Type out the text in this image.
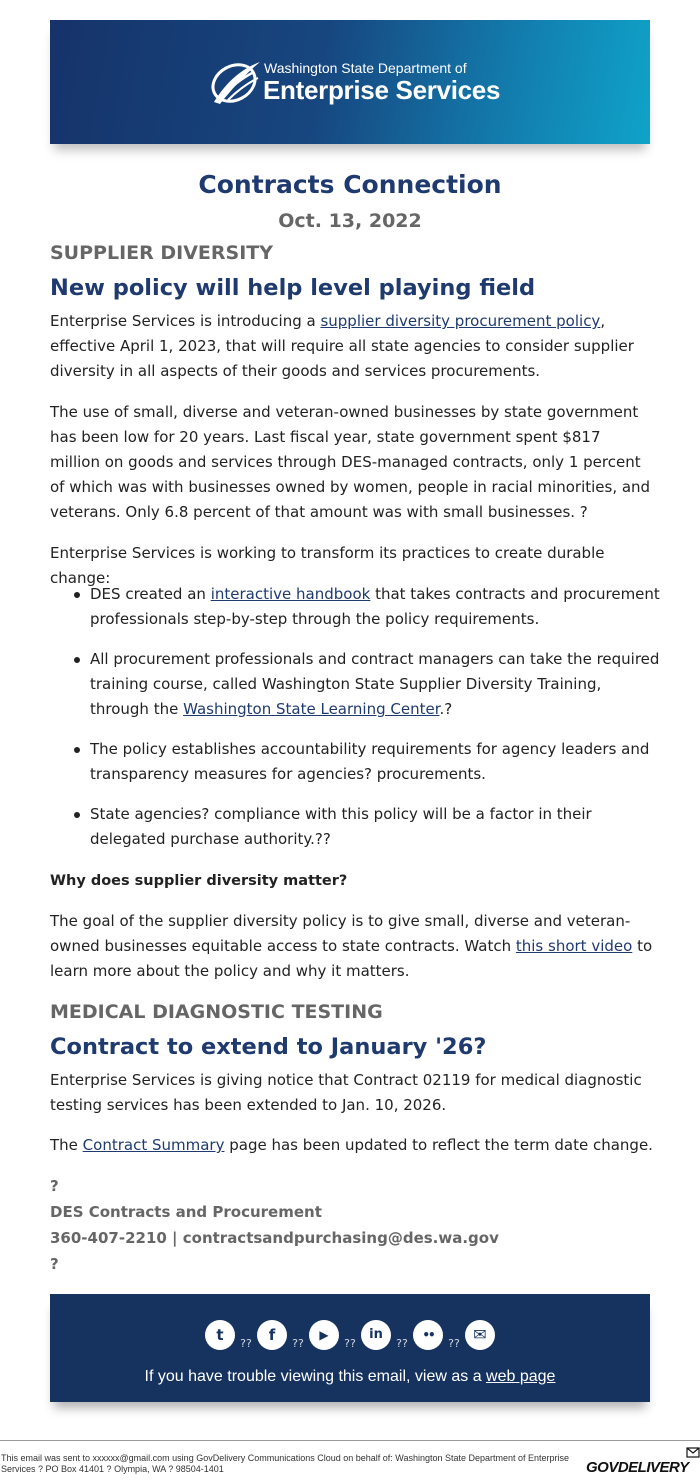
Washington State Department of
Enterprise Services
Contracts Connection
Oct. 13, 2022
SUPPLIER DIVERSITY
New policy will help level playing field

Enterprise Services is introducing a supplier diversity procurement policy, effective April 1, 2023, that will require all state agencies to consider supplier diversity in all aspects of their goods and services procurements.

The use of small, diverse and veteran-owned businesses by state government has been low for 20 years. Last fiscal year, state government spent $817 million on goods and services through DES-managed contracts, only 1 percent of which was with businesses owned by women, people in racial minorities, and veterans. Only 6.8 percent of that amount was with small businesses. ?

Enterprise Services is working to transform its practices to create durable change:

DES created an interactive handbook that takes contracts and procurement professionals step-by-step through the policy requirements.
All procurement professionals and contract managers can take the required training course, called Washington State Supplier Diversity Training, through the Washington State Learning Center.?
The policy establishes accountability requirements for agency leaders and transparency measures for agencies? procurements.
State agencies? compliance with this policy will be a factor in their delegated purchase authority.??
Why does supplier diversity matter?

The goal of the supplier diversity policy is to give small, diverse and veteran-owned businesses equitable access to state contracts. Watch this short video to learn more about the policy and why it matters.

MEDICAL DIAGNOSTIC TESTING
Contract to extend to January '26?

Enterprise Services is giving notice that Contract 02119 for medical diagnostic testing services has been extended to Jan. 10, 2026.

The Contract Summary page has been updated to reflect the term date change.

?
DES Contracts and Procurement
360-407-2210 | contractsandpurchasing@des.wa.gov
?
t ?? f ??▶??in??••?? ✉
If you have trouble viewing this email, view as a web page
This email was sent to xxxxxx@gmail.com using GovDelivery Communications Cloud on behalf of: Washington State Department of Enterprise Services ? PO Box 41401 ? Olympia, WA ? 98504-1401	GOVDELIVERY
